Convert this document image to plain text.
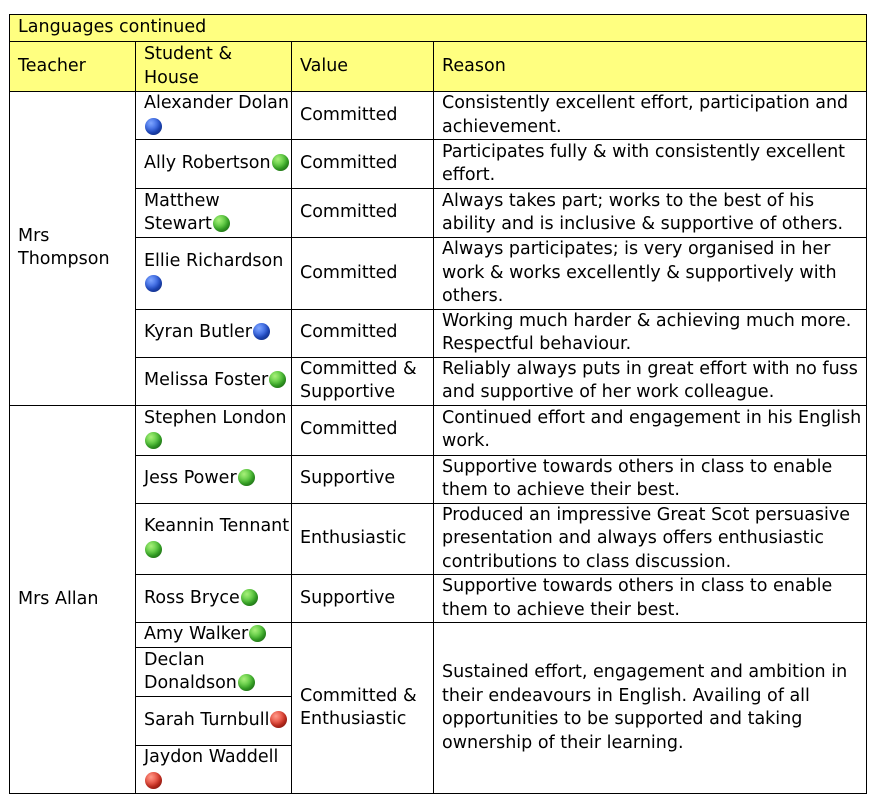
Languages continued			
Teacher	Student & House	Value	Reason
Mrs Thompson	Alexander Dolan	Committed	Consistently excellent effort, participation and achievement.
	Ally Robertson	Committed	Participates fully & with consistently excellent effort.
	Matthew Stewart	Committed	Always takes part; works to the best of his ability and is inclusive & supportive of others.
	Ellie Richardson	Committed	Always participates; is very organised in her work & works excellently & supportively with others.
	Kyran Butler	Committed	Working much harder & achieving much more. Respectful behaviour.
	Melissa Foster	Committed & Supportive	Reliably always puts in great effort with no fuss and supportive of her work colleague.
Mrs Allan	Stephen London	Committed	Continued effort and engagement in his English work.
	Jess Power	Supportive	Supportive towards others in class to enable them to achieve their best.
	Keannin Tennant	Enthusiastic	Produced an impressive Great Scot persuasive presentation and always offers enthusiastic contributions to class discussion.
	Ross Bryce	Supportive	Supportive towards others in class to enable them to achieve their best.
	Amy Walker	Committed & Enthusiastic	Sustained effort, engagement and ambition in their endeavours in English. Availing of all opportunities to be supported and taking ownership of their learning.
	Declan Donaldson		
	Sarah Turnbull		
	Jaydon Waddell		
